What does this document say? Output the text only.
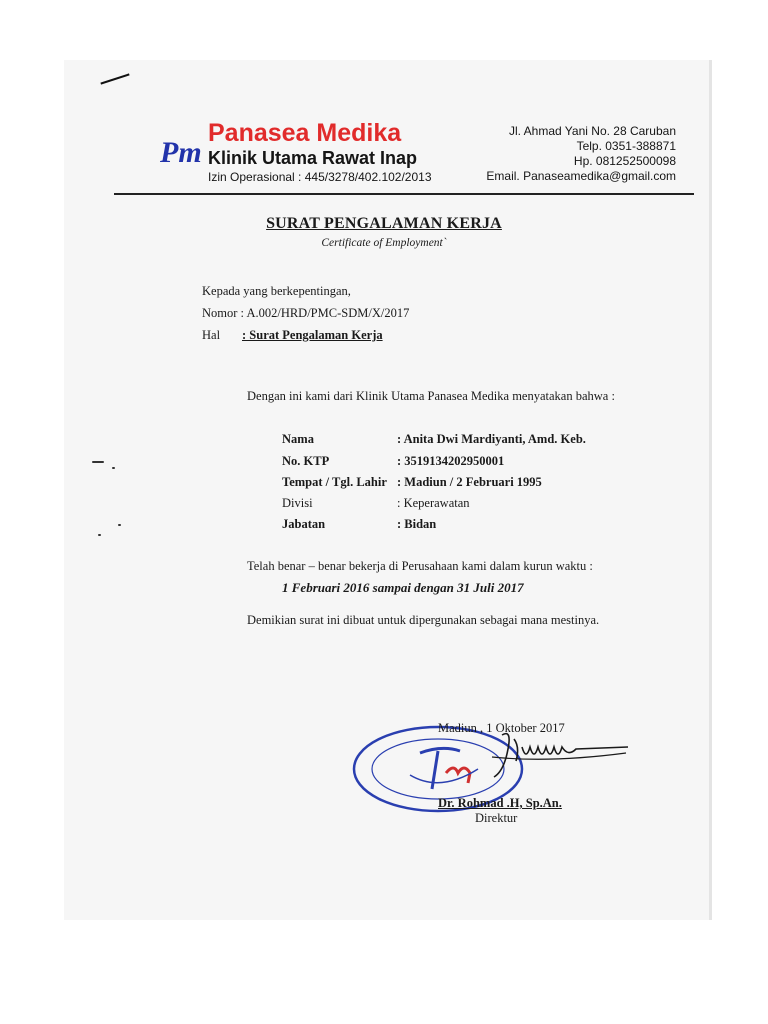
Pm
Panasea Medika
Klinik Utama Rawat Inap
Izin Operasional : 445/3278/402.102/2013
Jl. Ahmad Yani No. 28 Caruban
Telp. 0351-388871
Hp. 081252500098
Email. Panaseamedika@gmail.com
SURAT PENGALAMAN KERJA
Certificate of Employment`
Kepada yang berkepentingan,
Nomor : A.002/HRD/PMC-SDM/X/2017
Hal : Surat Pengalaman Kerja
Dengan ini kami dari Klinik Utama Panasea Medika menyatakan bahwa :
Nama	: Anita Dwi Mardiyanti, Amd. Keb.
No. KTP	: 3519134202950001
Tempat / Tgl. Lahir : Madiun / 2 Februari 1995
Divisi	: Keperawatan
Jabatan	: Bidan
Telah benar – benar bekerja di Perusahaan kami dalam kurun waktu :
1 Februari 2016 sampai dengan 31 Juli 2017
Demikian surat ini dibuat untuk dipergunakan sebagai mana mestinya.
Madiun , 1 Oktober 2017
Dr. Rohmad .H, Sp.An.
Direktur
